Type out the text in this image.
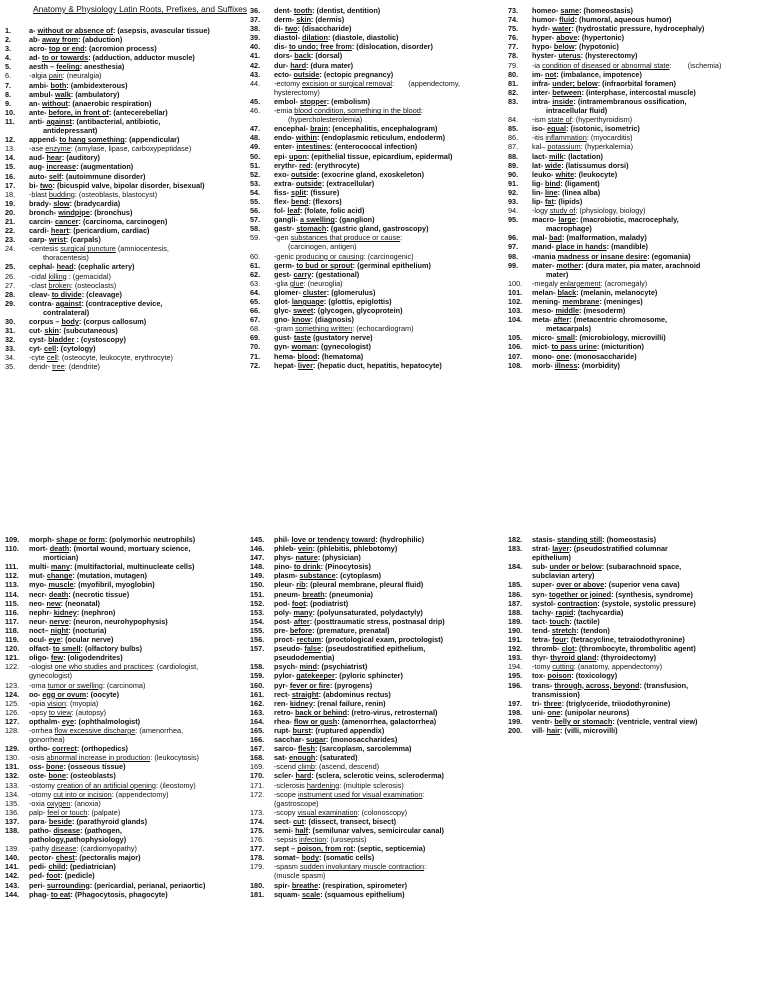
Anatomy & Physiology Latin Roots, Prefixes, and Suffixes
1.	a- without or absence of: (asepsis, avascular tissue)
2.	ab- away from: (abduction)
3.	acro- top or end: (acromion process)
4.	ad- to or towards: (adduction, adductor muscle)
5.	aesth – feeling: anesthesia)
6.	-algia pain: (neuralgia)
7.	ambi- both: (ambidexterous)
8.	ambul- walk: (ambulatory)
9.	an- without: (anaerobic respiration)
10.	ante- before, in front of: (antecerebellar)
11.	anti- against: (antibacterial, antibiotic,
antidepressant)
12.	append- to hang something: (appendicular)
13.	-ase enzyme: (amylase, lipase, carboxypeptidase)
14.	aud- hear: (auditory)
15.	aug- increase: (augmentation)
16.	auto- self: (autoimmune disorder)
17.	bi- two: (bicuspid valve, bipolar disorder, bisexual)
18.	-blast budding: (osteoblasts, blastocyst)
19.	brady- slow: (bradycardia)
20.	bronch- windpipe: (bronchus)
21.	carcin- cancer: (carcinoma, carcinogen)
22.	cardi- heart: (pericardium, cardiac)
23.	carp- wrist: (carpals)
24.	-centesis surgical puncture (amniocentesis,
thoracentesis)
25.	cephal- head: (cephalic artery)
26.	-cidal killing : (gemacidal)
27.	-clast broken: (osteoclasts)
28.	cleav- to divide: (cleavage)
29.	contra- against: (contraceptive device,
contralateral)
30.	corpus – body: (corpus callosum)
31.	cut- skin: (subcutaneous)
32.	cyst- bladder : (cystoscopy)
33.	cyt- cell: (cytology)
34.	-cyte cell: (osteocyte, leukocyte, erythrocyte)
35.	dendr- tree: (dendrite)
36.	dent- tooth: (dentist, dentition)
37.	derm- skin: (dermis)
38.	di- two: (disaccharide)
39.	diastol- dilation: (diastole, diastolic)
40.	dis- to undo; free from: (dislocation, disorder)
41.	dors- back: (dorsal)
42.	dur- hard: (dura mater)
43.	ecto- outside: (ectopic pregnancy)
44.	-ectomy excision or surgical removal:       (appendectomy,
hysterectomy)
45.	embol- stopper: (embolism)
46.	-emia blood condition, something in the blood:
(hypercholesterolemia)
47.	encephal- brain: (encephalitis, encephalogram)
48.	endo- within: (endoplasmic reticulum, endoderm)
49.	enter- intestines: (enterococcal infection)
50.	epi- upon: (epithelial tissue, epicardium, epidermal)
51.	erythr- red: (erythrocyte)
52.	exo- outside: (exocrine gland, exoskeleton)
53.	extra- outside: (extracellular)
54.	fiss- split: (fissure)
55.	flex- bend: (flexors)
56.	fol- leaf: (folate, folic acid)
57.	gangli- a swelling: (ganglion)
58.	gastr- stomach: (gastric gland, gastroscopy)
59.	-gen substances that produce or cause:
(carcinogen, antigen)
60.	-genic producing or causing: (carcinogenic)
61.	germ- to bud or sprout: (germinal epithelium)
62.	gest- carry: (gestational)
63.	-glia glue: (neuroglia)
64.	glomer- cluster: (glomerulus)
65.	glot- language: (glottis, epiglottis)
66.	glyc- sweet: (glycogen, glycoprotein)
67.	gno- know: (diagnosis)
68.	-gram something written: (echocardiogram)
69.	gust- taste (gustatory nerve)
70.	gyn- woman: (gynecologist)
71.	hema- blood: (hematoma)
72.	hepat- liver: (hepatic duct, hepatitis, hepatocyte)
73.	homeo- same: (homeostasis)
74.	humor- fluid: (humoral, aqueous humor)
75.	hydr- water: (hydrostatic pressure, hydrocephaly)
76.	hyper- above: (hypertonic)
77.	hypo- below: (hypotonic)
78.	hyster- uterus: (hysterectomy)
79.	-ia condition of diseased or abnormal state:        (ischemia)
80.	im- not: (imbalance, impotence)
81.	infra- under; below: (infraorbital foramen)
82.	inter- between: (interphase, intercostal muscle)
83.	intra- inside: (intramembranous ossification,
intracellular fluid)
84.	-ism state of: (hyperthyroidism)
85.	iso- equal: (isotonic, isometric)
86.	-itis inflammation: (myocarditis)
87.	kal– potassium: (hyperkalemia)
88.	lact- milk: (lactation)
89.	lat- wide: (latissumus dorsi)
90.	leuko- white: (leukocyte)
91.	lig- bind: (ligament)
92.	lin- line: (linea alba)
93.	lip- fat: (lipids)
94.	-logy study of: (physiology, biology)
95.	macro- large: (macrobiotic, macrocephaly,
macrophage)
96.	mal- bad: (malformation, malady)
97.	mand- place in hands: (mandible)
98.	-mania madness or insane desire: (egomania)
99.	mater- mother: (dura mater, pia mater, arachnoid
mater)
100.	-megaly enlargement: (acromegaly)
101.	melan- black: (melanin, melanocyte)
102.	mening- membrane: (meninges)
103.	meso- middle: (mesoderm)
104.	meta- after: (metacentric chromosome,
metacarpals)
105.	micro- small: (microbiology, microvilli)
106.	mict- to pass urine: (micturition)
107.	mono- one: (monosaccharide)
108.	morb- illness: (morbidity)
109.	morph- shape or form: (polymorhic neutrophils)
110.	mort- death: (mortal wound, mortuary science,
mortician)
111.	multi- many: (multifactorial, multinucleate cells)
112.	mut- change: (mutation, mutagen)
113.	myo- muscle: (myofibril, myoglobin)
114.	necr- death: (necrotic tissue)
115.	neo- new: (neonatal)
116.	nephr- kidney: (nephron)
117.	neur- nerve: (neuron, neurohypophysis)
118.	noct– night: (nocturia)
119.	ocul- eye: (ocular nerve)
120.	olfact- to smell: (olfactory bulbs)
121.	oligo- few: (oligodendrites)
122.	-ologist one who studies and practices: (cardiologist,
gynecologist)
123.	-oma tumor or swelling: (carcinoma)
124.	oo- egg or ovum: (oocyte)
125.	-opia vision: (myopia)
126.	-opsy to view: (autopsy)
127.	opthalm- eye: (ophthalmologist)
128.	-orrhea flow excessive discharge: (amenorrhea,
gonorrhea)
129.	ortho- correct: (orthopedics)
130.	-osis abnormal increase in production: (leukocytosis)
131.	oss- bone: (osseous tissue)
132.	oste- bone: (osteoblasts)
133.	-ostomy creation of an artificial opening: (ileostomy)
134.	-otomy cut into or incision: (appendectomy)
135.	-oxia oxygen: (anoxia)
136.	palp- feel or touch: (palpate)
137.	para- beside: (parathyroid glands)
138.	patho- disease: (pathogen,
pathology,pathophysiology)
139.	-pathy disease: (cardiomyopathy)
140.	pector- chest: (pectoralis major)
141.	pedi- child: (pediatrician)
142.	ped- foot: (pedicle)
143.	peri- surrounding: (pericardial, perianal, periaortic)
144.	phag- to eat: (Phagocytosis, phagocyte)
145.	phil- love or tendency toward: (hydrophilic)
146.	phleb- vein: (phlebitis, phlebotomy)
147.	phys- nature: (physician)
148.	pino- to drink: (Pinocytosis)
149.	plasm- substance: (cytoplasm)
150.	pleur- rib: (pleural membrane, pleural fluid)
151.	pneum- breath: (pneumonia)
152.	pod- foot: (podiatrist)
153.	poly- many: (polyunsaturated, polydactyly)
154.	post- after: (posttraumatic stress, postnasal drip)
155.	pre- before: (premature, prenatal)
156.	proct- rectum: (proctological exam, proctologist)
157.	pseudo- false: (pseudostratified epithelium,
pseudodementia)
158.	psych- mind: (psychiatrist)
159.	pylor- gatekeeper: (pyloric sphincter)
160.	pyr- fever or fire: (pyrogens)
161.	rect- straight: (abdominus rectus)
162.	ren- kidney: (renal failure, renin)
163.	retro- back or behind: (retro-virus, retrosternal)
164.	rhea- flow or gush: (amenorrhea, galactorrhea)
165.	rupt- burst: (ruptured appendix)
166.	sacchar- sugar: (monosaccharides)
167.	sarco- flesh: (sarcoplasm, sarcolemma)
168.	sat- enough: (saturated)
169.	-scend climb: (ascend, descend)
170.	scler- hard: (sclera, sclerotic veins, scleroderma)
171.	-sclerosis hardening: (multiple sclerosis)
172.	-scope instrument used for visual examination:
(gastroscope)
173.	-scopy visual examination: (colonoscopy)
174.	sect- cut: (dissect, transect, bisect)
175.	semi- half: (semilunar valves, semicircular canal)
176.	-sepsis infection: (urosepsis)
177.	sept – poison, from rot: (septic, septicemia)
178.	somat– body: (somatic cells)
179.	-spasm sudden involuntary muscle contraction:
(muscle spasm)
180.	spir- breathe: (respiration, spirometer)
181.	squam- scale: (squamous epithelium)
182.	stasis- standing still: (homeostasis)
183.	strat- layer: (pseudostratified columnar
epithelium)
184.	sub- under or below: (subarachnoid space,
subclavian artery)
185.	super- over or above: (superior vena cava)
186.	syn- together or joined: (synthesis, syndrome)
187.	systol- contraction: (systole, systolic pressure)
188.	tachy- rapid: (tachycardia)
189.	tact- touch: (tactile)
190.	tend- stretch: (tendon)
191.	tetra- four: (tetracycline, tetraiodothyronine)
192.	thromb- clot: (thrombocyte, thrombolitic agent)
193.	thyr- thyroid gland: (thyroidectomy)
194.	-tomy cutting: (anatomy, appendectomy)
195.	tox- poison: (toxicology)
196.	trans- through, across, beyond: (transfusion,
transmission)
197.	tri- three: (triglyceride, triiodothyronine)
198.	uni- one: (unipolar neurons)
199.	ventr- belly or stomach: (ventricle, ventral view)
200.	vill- hair: (villi, microvilli)
